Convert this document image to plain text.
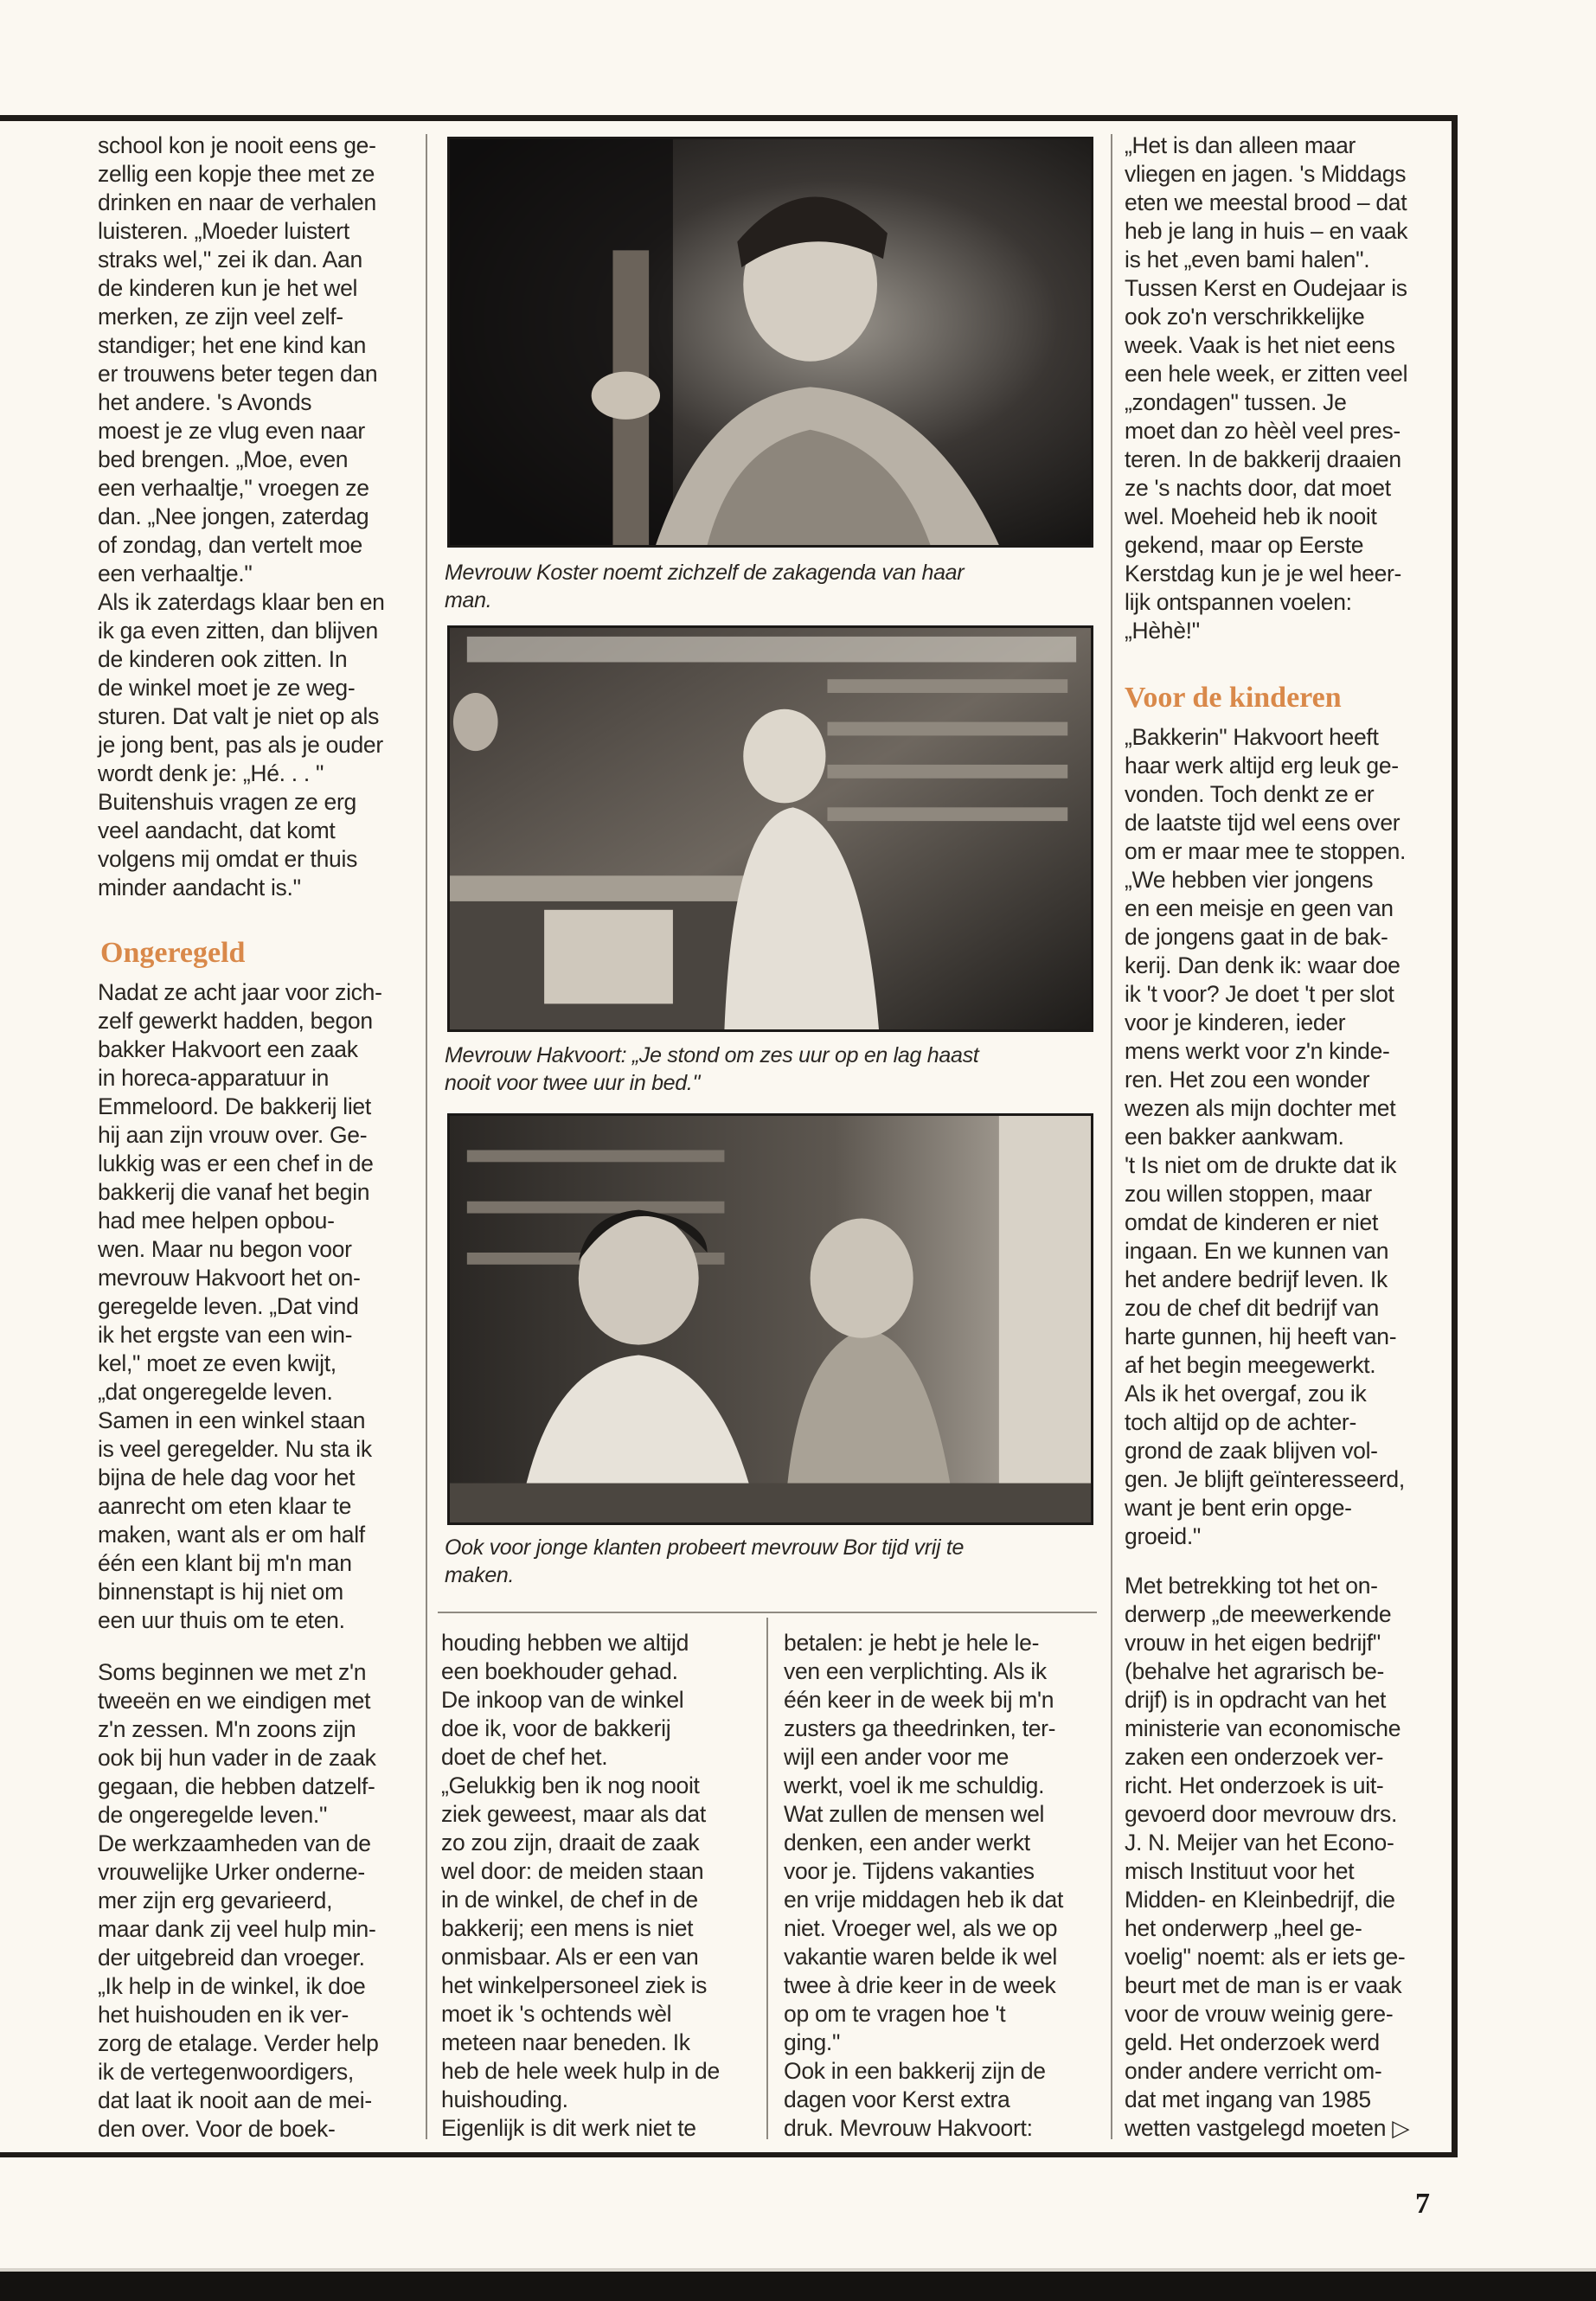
school kon je nooit eens ge-
zellig een kopje thee met ze
drinken en naar de verhalen
luisteren. „Moeder luistert
straks wel," zei ik dan. Aan
de kinderen kun je het wel
merken, ze zijn veel zelf-
standiger; het ene kind kan
er trouwens beter tegen dan
het andere. 's Avonds
moest je ze vlug even naar
bed brengen. „Moe, even
een verhaaltje," vroegen ze
dan. „Nee jongen, zaterdag
of zondag, dan vertelt moe
een verhaaltje."
Als ik zaterdags klaar ben en
ik ga even zitten, dan blijven
de kinderen ook zitten. In
de winkel moet je ze weg-
sturen. Dat valt je niet op als
je jong bent, pas als je ouder
wordt denk je: „Hé. . . "
Buitenshuis vragen ze erg
veel aandacht, dat komt
volgens mij omdat er thuis
minder aandacht is."
Ongeregeld
Nadat ze acht jaar voor zich-
zelf gewerkt hadden, begon
bakker Hakvoort een zaak
in horeca-apparatuur in
Emmeloord. De bakkerij liet
hij aan zijn vrouw over. Ge-
lukkig was er een chef in de
bakkerij die vanaf het begin
had mee helpen opbou-
wen. Maar nu begon voor
mevrouw Hakvoort het on-
geregelde leven. „Dat vind
ik het ergste van een win-
kel," moet ze even kwijt,
„dat ongeregelde leven.
Samen in een winkel staan
is veel geregelder. Nu sta ik
bijna de hele dag voor het
aanrecht om eten klaar te
maken, want als er om half
één een klant bij m'n man
binnenstapt is hij niet om
een uur thuis om te eten.
Soms beginnen we met z'n
tweeën en we eindigen met
z'n zessen. M'n zoons zijn
ook bij hun vader in de zaak
gegaan, die hebben datzelf-
de ongeregelde leven."
De werkzaamheden van de
vrouwelijke Urker onderne-
mer zijn erg gevarieerd,
maar dank zij veel hulp min-
der uitgebreid dan vroeger.
„Ik help in de winkel, ik doe
het huishouden en ik ver-
zorg de etalage. Verder help
ik de vertegenwoordigers,
dat laat ik nooit aan de mei-
den over. Voor de boek-
Mevrouw Koster noemt zichzelf de zakagenda van haar
man.
Mevrouw Hakvoort: „Je stond om zes uur op en lag haast
nooit voor twee uur in bed."
Ook voor jonge klanten probeert mevrouw Bor tijd vrij te
maken.
houding hebben we altijd
een boekhouder gehad.
De inkoop van de winkel
doe ik, voor de bakkerij
doet de chef het.
„Gelukkig ben ik nog nooit
ziek geweest, maar als dat
zo zou zijn, draait de zaak
wel door: de meiden staan
in de winkel, de chef in de
bakkerij; een mens is niet
onmisbaar. Als er een van
het winkelpersoneel ziek is
moet ik 's ochtends wèl
meteen naar beneden. Ik
heb de hele week hulp in de
huishouding.
Eigenlijk is dit werk niet te
betalen: je hebt je hele le-
ven een verplichting. Als ik
één keer in de week bij m'n
zusters ga theedrinken, ter-
wijl een ander voor me
werkt, voel ik me schuldig.
Wat zullen de mensen wel
denken, een ander werkt
voor je. Tijdens vakanties
en vrije middagen heb ik dat
niet. Vroeger wel, als we op
vakantie waren belde ik wel
twee à drie keer in de week
op om te vragen hoe 't
ging."
Ook in een bakkerij zijn de
dagen voor Kerst extra
druk. Mevrouw Hakvoort:
„Het is dan alleen maar
vliegen en jagen. 's Middags
eten we meestal brood – dat
heb je lang in huis – en vaak
is het „even bami halen".
Tussen Kerst en Oudejaar is
ook zo'n verschrikkelijke
week. Vaak is het niet eens
een hele week, er zitten veel
„zondagen" tussen. Je
moet dan zo hèèl veel pres-
teren. In de bakkerij draaien
ze 's nachts door, dat moet
wel. Moeheid heb ik nooit
gekend, maar op Eerste
Kerstdag kun je je wel heer-
lijk ontspannen voelen:
„Hèhè!"
Voor de kinderen
„Bakkerin" Hakvoort heeft
haar werk altijd erg leuk ge-
vonden. Toch denkt ze er
de laatste tijd wel eens over
om er maar mee te stoppen.
„We hebben vier jongens
en een meisje en geen van
de jongens gaat in de bak-
kerij. Dan denk ik: waar doe
ik 't voor? Je doet 't per slot
voor je kinderen, ieder
mens werkt voor z'n kinde-
ren. Het zou een wonder
wezen als mijn dochter met
een bakker aankwam.
't Is niet om de drukte dat ik
zou willen stoppen, maar
omdat de kinderen er niet
ingaan. En we kunnen van
het andere bedrijf leven. Ik
zou de chef dit bedrijf van
harte gunnen, hij heeft van-
af het begin meegewerkt.
Als ik het overgaf, zou ik
toch altijd op de achter-
grond de zaak blijven vol-
gen. Je blijft geïnteresseerd,
want je bent erin opge-
groeid."
Met betrekking tot het on-
derwerp „de meewerkende
vrouw in het eigen bedrijf"
(behalve het agrarisch be-
drijf) is in opdracht van het
ministerie van economische
zaken een onderzoek ver-
richt. Het onderzoek is uit-
gevoerd door mevrouw drs.
J. N. Meijer van het Econo-
misch Instituut voor het
Midden- en Kleinbedrijf, die
het onderwerp „heel ge-
voelig" noemt: als er iets ge-
beurt met de man is er vaak
voor de vrouw weinig gere-
geld. Het onderzoek werd
onder andere verricht om-
dat met ingang van 1985
wetten vastgelegd moeten ▷
7
